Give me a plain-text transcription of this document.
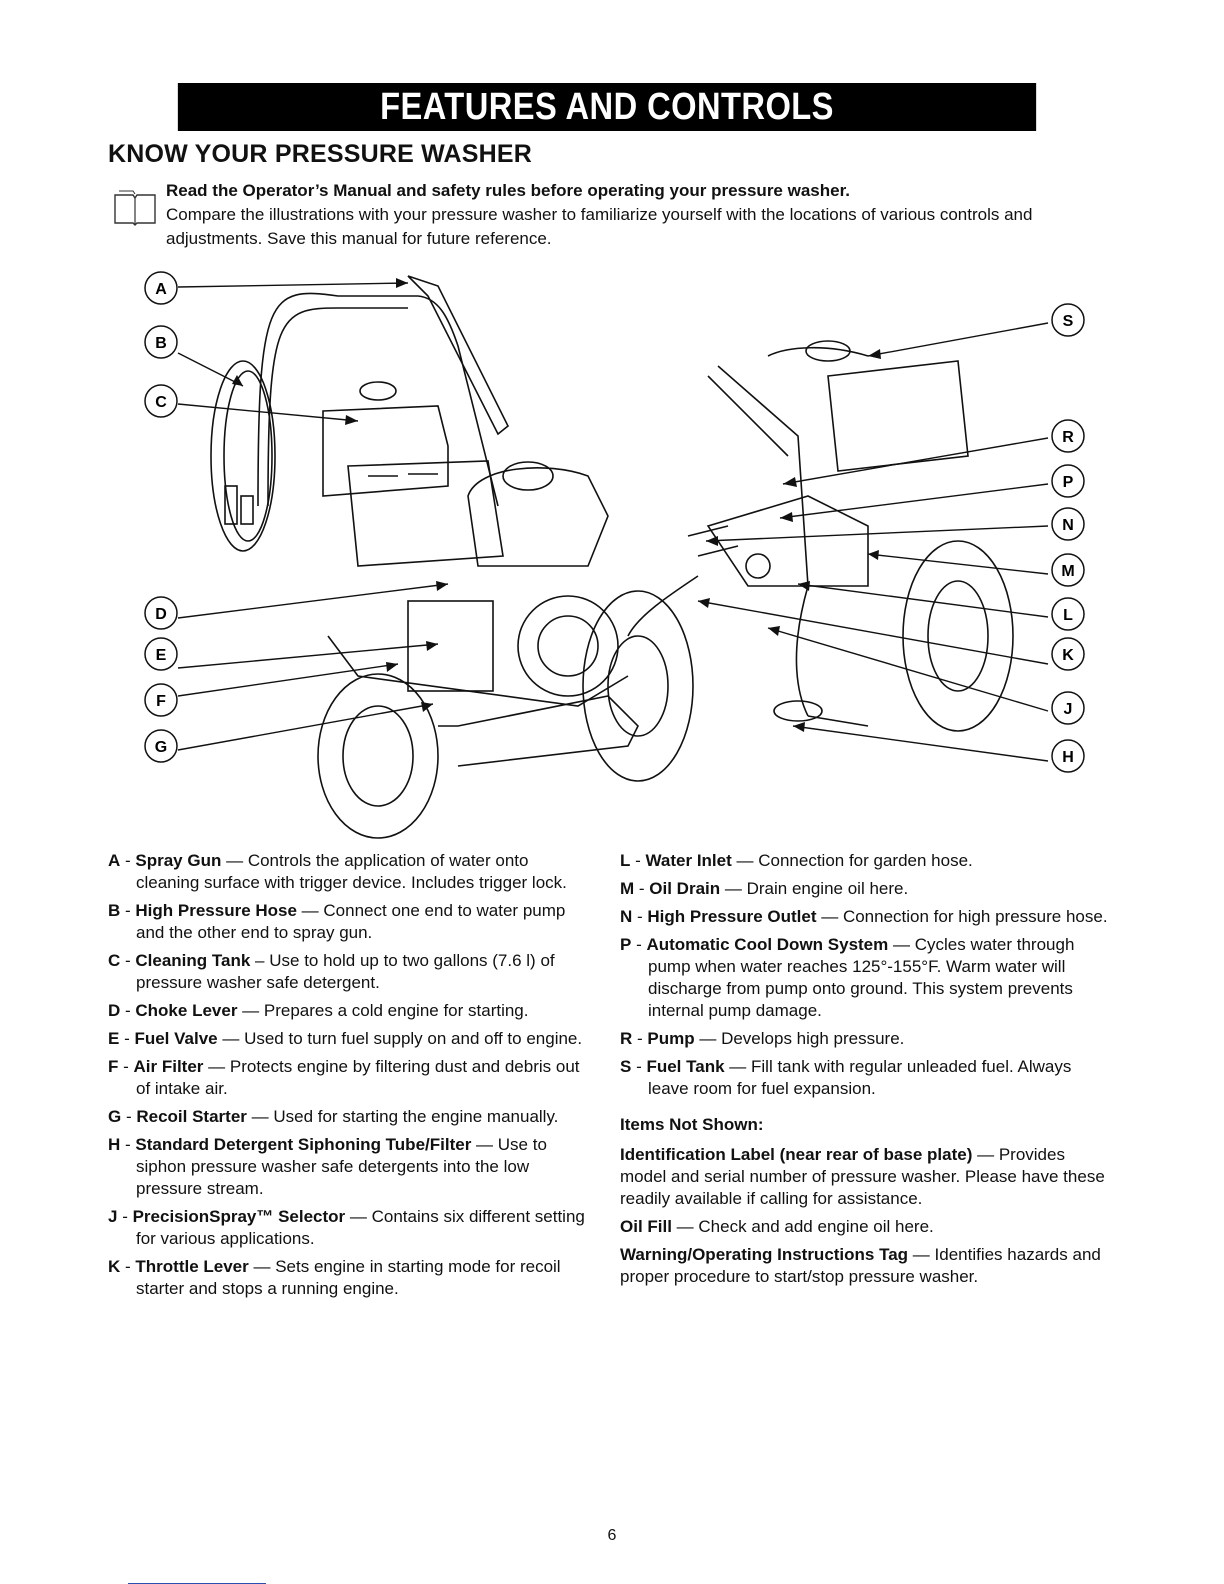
FEATURES AND CONTROLS
KNOW YOUR PRESSURE WASHER
Read the Operator’s Manual and safety rules before operating your pressure washer.
Compare the illustrations with your pressure washer to familiarize yourself with the locations of various controls and adjustments. Save this manual for future reference.
A
B
C
D
E
F
G
S
R
P
N
M
L
K
J
H
A - Spray Gun — Controls the application of water onto cleaning surface with trigger device. Includes trigger lock.
B - High Pressure Hose — Connect one end to water pump and the other end to spray gun.
C - Cleaning Tank – Use to hold up to two gallons (7.6 l) of pressure washer safe detergent.
D - Choke Lever — Prepares a cold engine for starting.
E - Fuel Valve — Used to turn fuel supply on and off to engine.
F - Air Filter — Protects engine by filtering dust and debris out of intake air.
G - Recoil Starter — Used for starting the engine manually.
H - Standard Detergent Siphoning Tube/Filter — Use to siphon pressure washer safe detergents into the low pressure stream.
J - PrecisionSpray™ Selector — Contains six different setting for various applications.
K - Throttle Lever — Sets engine in starting mode for recoil starter and stops a running engine.
L - Water Inlet — Connection for garden hose.
M - Oil Drain — Drain engine oil here.
N - High Pressure Outlet — Connection for high pressure hose.
P - Automatic Cool Down System — Cycles water through pump when water reaches 125°-155°F. Warm water will discharge from pump onto ground. This system prevents internal pump damage.
R - Pump — Develops high pressure.
S - Fuel Tank — Fill tank with regular unleaded fuel. Always leave room for fuel expansion.
Items Not Shown:
Identification Label (near rear of base plate) — Provides model and serial number of pressure washer. Please have these readily available if calling for assistance.
Oil Fill — Check and add engine oil here.
Warning/Operating Instructions Tag — Identifies hazards and proper procedure to start/stop pressure washer.
6
